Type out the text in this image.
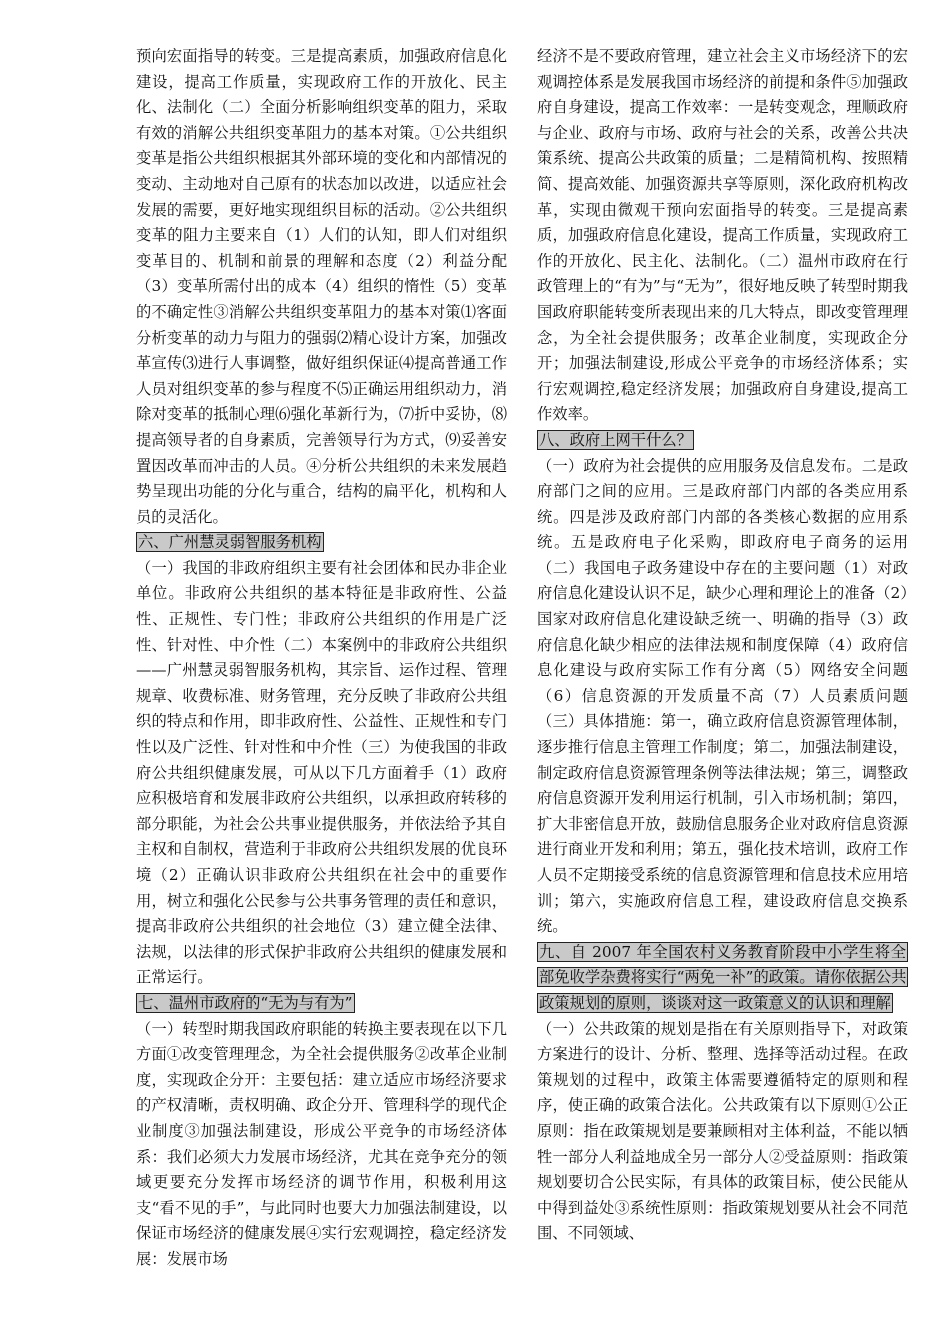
预向宏面指导的转变。三是提高素质，加强政府信息化建设，提高工作质量，实现政府工作的开放化、民主化、法制化（二）全面分析影响组织变革的阻力，采取有效的消解公共组织变革阻力的基本对策。①公共组织变革是指公共组织根据其外部环境的变化和内部情况的变动、主动地对自己原有的状态加以改进，以适应社会发展的需要，更好地实现组织目标的活动。②公共组织变革的阻力主要来自（1）人们的认知，即人们对组织变革目的、机制和前景的理解和态度（2）利益分配（3）变革所需付出的成本（4）组织的惰性（5）变革的不确定性③消解公共组织变革阻力的基本对策⑴客面分析变革的动力与阻力的强弱⑵精心设计方案，加强改革宣传⑶进行人事调整，做好组织保证⑷提高普通工作人员对组织变革的参与程度不⑸正确运用组织动力，消除对变革的抵制心理⑹强化革新行为，⑺折中妥协，⑻提高领导者的自身素质，完善领导行为方式，⑼妥善安置因改革而冲击的人员。④分析公共组织的未来发展趋势呈现出功能的分化与重合，结构的扁平化，机构和人员的灵活化。

六、广州慧灵弱智服务机构

（一）我国的非政府组织主要有社会团体和民办非企业单位。非政府公共组织的基本特征是非政府性、公益性、正规性、专门性；非政府公共组织的作用是广泛性、针对性、中介性（二）本案例中的非政府公共组织——广州慧灵弱智服务机构，其宗旨、运作过程、管理规章、收费标准、财务管理，充分反映了非政府公共组织的特点和作用，即非政府性、公益性、正规性和专门性以及广泛性、针对性和中介性（三）为使我国的非政府公共组织健康发展，可从以下几方面着手（1）政府应积极培育和发展非政府公共组织，以承担政府转移的部分职能，为社会公共事业提供服务，并依法给予其自主权和自制权，营造利于非政府公共组织发展的优良环境（2）正确认识非政府公共组织在社会中的重要作用，树立和强化公民参与公共事务管理的责任和意识，提高非政府公共组织的社会地位（3）建立健全法律、法规，以法律的形式保护非政府公共组织的健康发展和正常运行。

七、温州市政府的“无为与有为”

（一）转型时期我国政府职能的转换主要表现在以下几方面①改变管理理念，为全社会提供服务②改革企业制度，实现政企分开：主要包括：建立适应市场经济要求的产权清晰，责权明确、政企分开、管理科学的现代企业制度③加强法制建设，形成公平竞争的市场经济体系：我们必须大力发展市场经济，尤其在竞争充分的领域更要充分发挥市场经济的调节作用，积极利用这支“看不见的手”，与此同时也要大力加强法制建设，以保证市场经济的健康发展④实行宏观调控，稳定经济发展：发展市场

经济不是不要政府管理，建立社会主义市场经济下的宏观调控体系是发展我国市场经济的前提和条件⑤加强政府自身建设，提高工作效率：一是转变观念，理顺政府与企业、政府与市场、政府与社会的关系，改善公共决策系统、提高公共政策的质量；二是精简机构、按照精简、提高效能、加强资源共享等原则，深化政府机构改革，实现由微观干预向宏面指导的转变。三是提高素质，加强政府信息化建设，提高工作质量，实现政府工作的开放化、民主化、法制化。（二）温州市政府在行政管理上的“有为”与“无为”，很好地反映了转型时期我国政府职能转变所表现出来的几大特点，即改变管理理念，为全社会提供服务；改革企业制度，实现政企分开；加强法制建设,形成公平竞争的市场经济体系；实行宏观调控,稳定经济发展；加强政府自身建设,提高工作效率。

八、政府上网干什么？

（一）政府为社会提供的应用服务及信息发布。二是政府部门之间的应用。三是政府部门内部的各类应用系统。四是涉及政府部门内部的各类核心数据的应用系统。五是政府电子化采购，即政府电子商务的运用（二）我国电子政务建设中存在的主要问题（1）对政府信息化建设认识不足，缺少心理和理论上的准备（2）国家对政府信息化建设缺乏统一、明确的指导（3）政府信息化缺少相应的法律法规和制度保障（4）政府信息化建设与政府实际工作有分离（5）网络安全问题（6）信息资源的开发质量不高（7）人员素质问题（三）具体措施：第一，确立政府信息资源管理体制，逐步推行信息主管理工作制度；第二，加强法制建设，制定政府信息资源管理条例等法律法规；第三，调整政府信息资源开发利用运行机制，引入市场机制；第四，扩大非密信息开放，鼓励信息服务企业对政府信息资源进行商业开发和利用；第五，强化技术培训，政府工作人员不定期接受系统的信息资源管理和信息技术应用培训；第六，实施政府信息工程，建设政府信息交换系统。

九、自 2007 年全国农村义务教育阶段中小学生将全部免收学杂费将实行“两免一补”的政策。请你依据公共政策规划的原则，谈谈对这一政策意义的认识和理解

（一）公共政策的规划是指在有关原则指导下，对政策方案进行的设计、分析、整理、选择等活动过程。在政策规划的过程中，政策主体需要遵循特定的原则和程序，使正确的政策合法化。公共政策有以下原则①公正原则：指在政策规划是要兼顾相对主体利益，不能以牺牲一部分人利益地成全另一部分人②受益原则：指政策规划要切合公民实际，有具体的政策目标，使公民能从中得到益处③系统性原则：指政策规划要从社会不同范围、不同领域、
